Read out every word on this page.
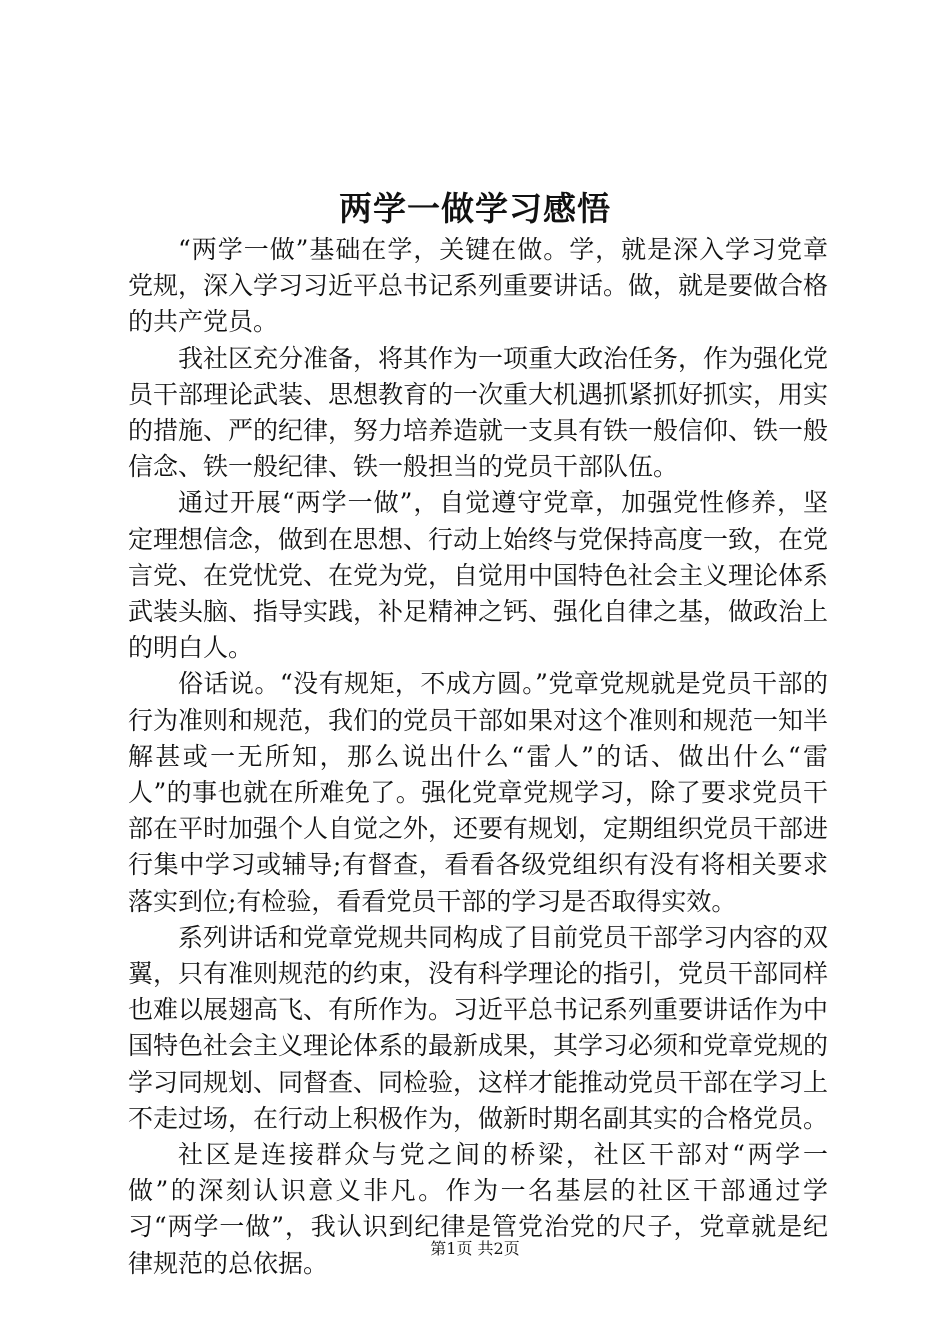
两学一做学习感悟

“两学一做”基础在学，关键在做。学，就是深入学习党章党规，深入学习习近平总书记系列重要讲话。做，就是要做合格的共产党员。

我社区充分准备，将其作为一项重大政治任务，作为强化党员干部理论武装、思想教育的一次重大机遇抓紧抓好抓实，用实的措施、严的纪律，努力培养造就一支具有铁一般信仰、铁一般信念、铁一般纪律、铁一般担当的党员干部队伍。

通过开展“两学一做”，自觉遵守党章，加强党性修养，坚定理想信念，做到在思想、行动上始终与党保持高度一致，在党言党、在党忧党、在党为党，自觉用中国特色社会主义理论体系武装头脑、指导实践，补足精神之钙、强化自律之基，做政治上的明白人。

俗话说。“没有规矩，不成方圆。”党章党规就是党员干部的行为准则和规范，我们的党员干部如果对这个准则和规范一知半解甚或一无所知，那么说出什么“雷人”的话、做出什么“雷人”的事也就在所难免了。强化党章党规学习，除了要求党员干部在平时加强个人自觉之外，还要有规划，定期组织党员干部进行集中学习或辅导;有督查，看看各级党组织有没有将相关要求落实到位;有检验，看看党员干部的学习是否取得实效。

系列讲话和党章党规共同构成了目前党员干部学习内容的双翼，只有准则规范的约束，没有科学理论的指引，党员干部同样也难以展翅高飞、有所作为。习近平总书记系列重要讲话作为中国特色社会主义理论体系的最新成果，其学习必须和党章党规的学习同规划、同督查、同检验，这样才能推动党员干部在学习上不走过场，在行动上积极作为，做新时期名副其实的合格党员。

社区是连接群众与党之间的桥梁，社区干部对“两学一做”的深刻认识意义非凡。作为一名基层的社区干部通过学习“两学一做”，我认识到纪律是管党治党的尺子，党章就是纪律规范的总依据。

第1页 共2页
